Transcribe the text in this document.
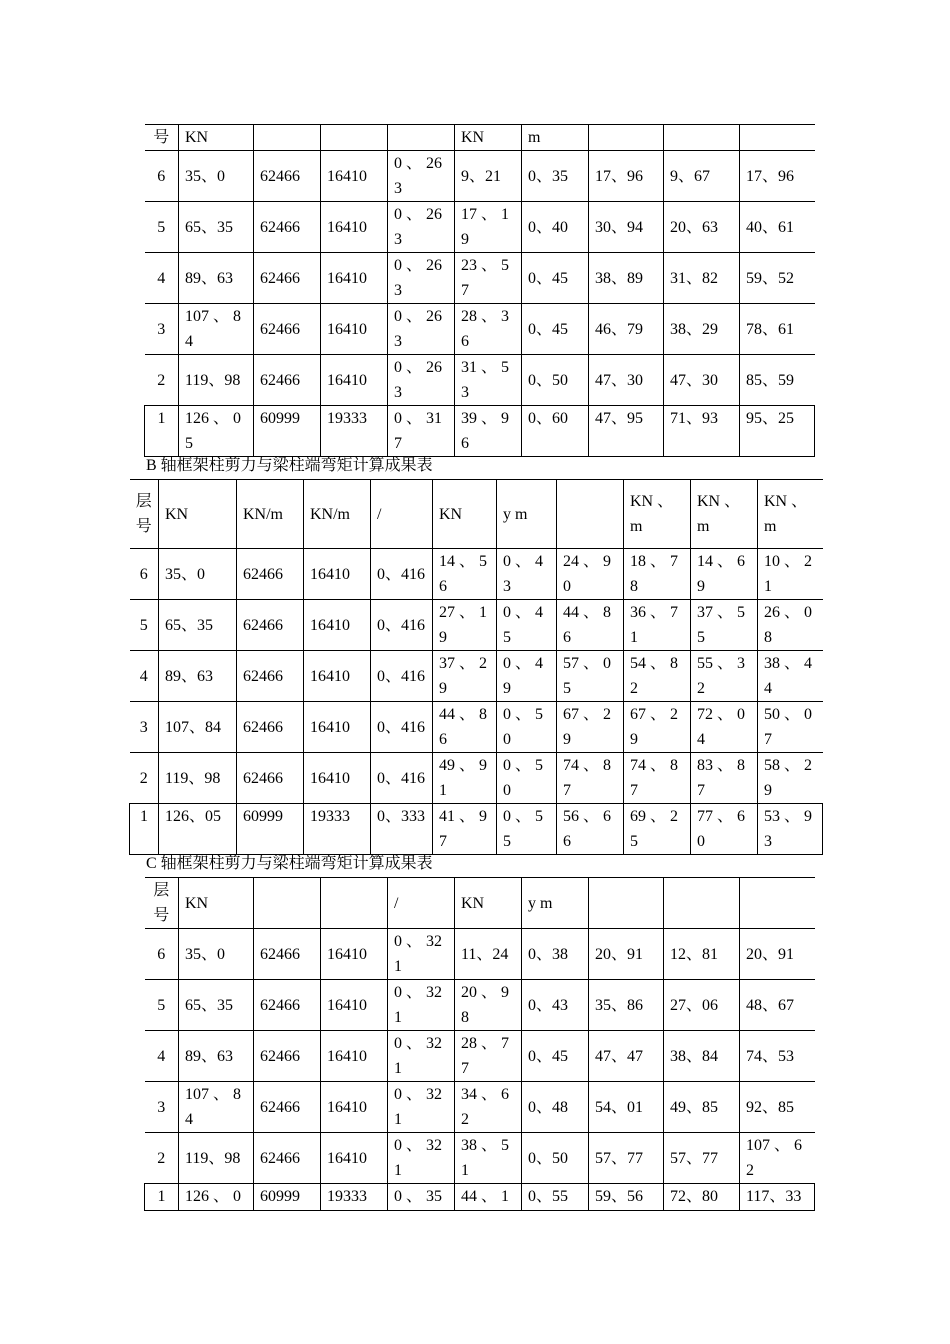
号	KN				KN	m			
6	35、0	62466	16410	0 、 263	9、21	0、35	17、96	9、67	17、96
5	65、35	62466	16410	0 、 263	17 、 19	0、40	30、94	20、63	40、61
4	89、63	62466	16410	0 、 263	23 、 57	0、45	38、89	31、82	59、52
3	107 、 84	62466	16410	0 、 263	28 、 36	0、45	46、79	38、29	78、61
2	119、98	62466	16410	0 、 263	31 、 53	0、50	47、30	47、30	85、59
1	126 、 05	60999	19333	0 、 317	39 、 96	0、60	47、95	71、93	95、25
B 轴框架柱剪力与梁柱端弯矩计算成果表
层号	KN	KN/m	KN/m	/	KN	y m		KN 、 m	KN 、 m	KN 、 m
6	35、0	62466	16410	0、416	14 、 56	0 、 43	24 、 90	18 、 78	14 、 69	10 、 21
5	65、35	62466	16410	0、416	27 、 19	0 、 45	44 、 86	36 、 71	37 、 55	26 、 08
4	89、63	62466	16410	0、416	37 、 29	0 、 49	57 、 05	54 、 82	55 、 32	38 、 44
3	107、84	62466	16410	0、416	44 、 86	0 、 50	67 、 29	67 、 29	72 、 04	50 、 07
2	119、98	62466	16410	0、416	49 、 91	0 、 50	74 、 87	74 、 87	83 、 87	58 、 29
1	126、05	60999	19333	0、333	41 、 97	0 、 55	56 、 66	69 、 25	77 、 60	53 、 93
C 轴框架柱剪力与梁柱端弯矩计算成果表
层号	KN			/	KN	y m			
6	35、0	62466	16410	0 、 321	11、24	0、38	20、91	12、81	20、91
5	65、35	62466	16410	0 、 321	20 、 98	0、43	35、86	27、06	48、67
4	89、63	62466	16410	0 、 321	28 、 77	0、45	47、47	38、84	74、53
3	107 、 84	62466	16410	0 、 321	34 、 62	0、48	54、01	49、85	92、85
2	119、98	62466	16410	0 、 321	38 、 51	0、50	57、77	57、77	107 、 62
1	126 、 0	60999	19333	0 、 35	44 、 1	0、55	59、56	72、80	117、33
